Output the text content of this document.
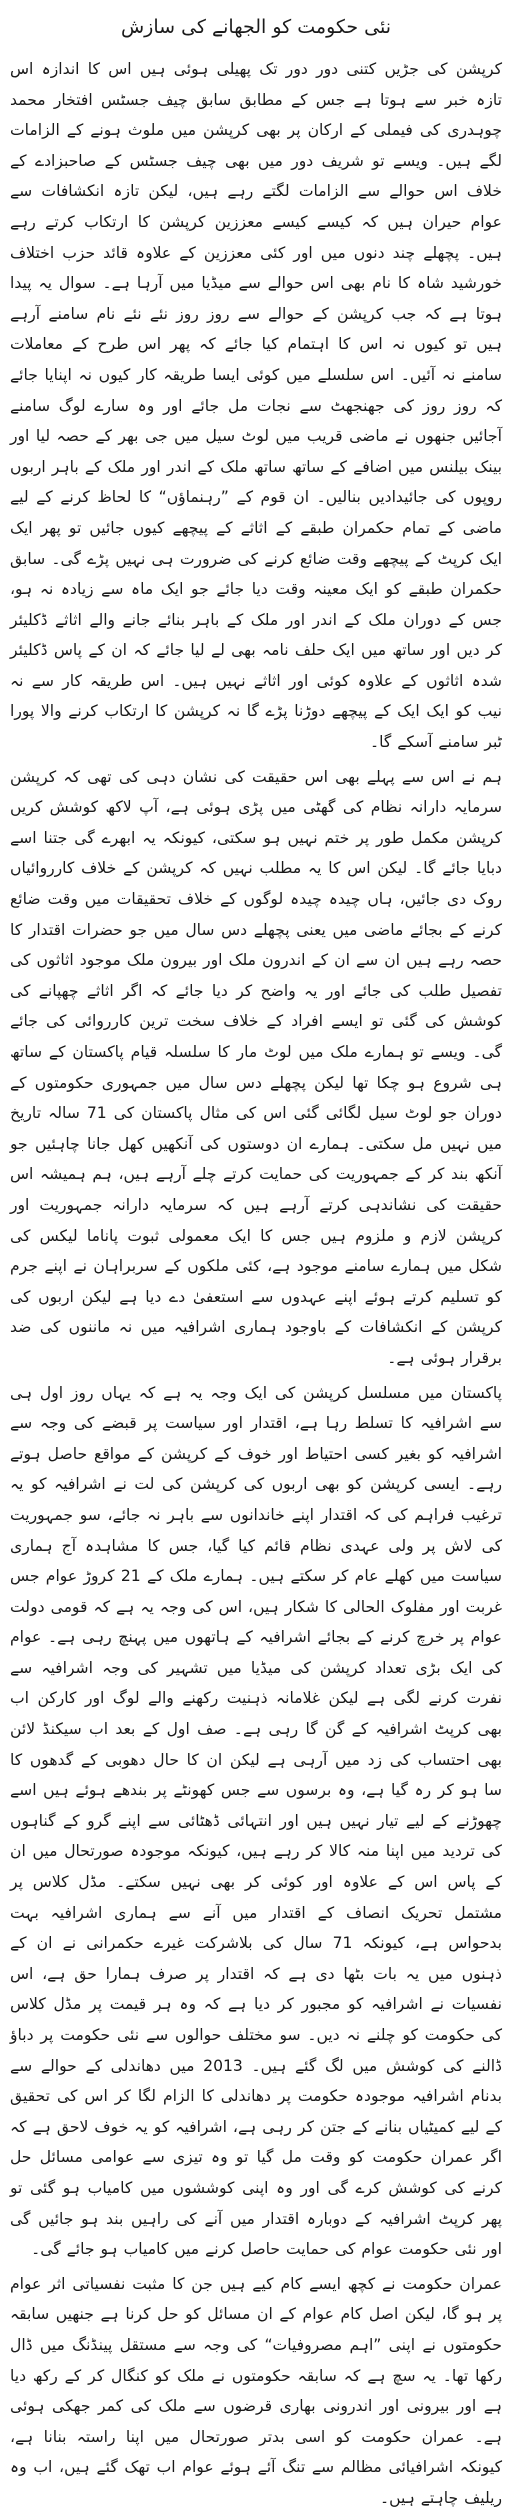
نئی حکومت کو الجھانے کی سازش

کرپشن کی جڑیں کتنی دور دور تک پھیلی ہوئی ہیں اس کا اندازہ اس تازہ خبر سے ہوتا ہے جس کے مطابق سابق چیف جسٹس افتخار محمد چوہدری کی فیملی کے ارکان پر بھی کرپشن میں ملوث ہونے کے الزامات لگے ہیں۔ ویسے تو شریف دور میں بھی چیف جسٹس کے صاحبزادے کے خلاف اس حوالے سے الزامات لگتے رہے ہیں، لیکن تازہ انکشافات سے عوام حیران ہیں کہ کیسے کیسے معززین کرپشن کا ارتکاب کرتے رہے ہیں۔ پچھلے چند دنوں میں اور کئی معززین کے علاوہ قائد حزب اختلاف خورشید شاہ کا نام بھی اس حوالے سے میڈیا میں آرہا ہے۔ سوال یہ پیدا ہوتا ہے کہ جب کرپشن کے حوالے سے روز روز نئے نئے نام سامنے آرہے ہیں تو کیوں نہ اس کا اہتمام کیا جائے کہ پھر اس طرح کے معاملات سامنے نہ آئیں۔ اس سلسلے میں کوئی ایسا طریقہ کار کیوں نہ اپنایا جائے کہ روز روز کی جھنجھٹ سے نجات مل جائے اور وہ سارے لوگ سامنے آجائیں جنھوں نے ماضی قریب میں لوٹ سیل میں جی بھر کے حصہ لیا اور بینک بیلنس میں اضافے کے ساتھ ساتھ ملک کے اندر اور ملک کے باہر اربوں روپوں کی جائیدادیں بنالیں۔ ان قوم کے ”رہنماؤں“ کا لحاظ کرنے کے لیے ماضی کے تمام حکمران طبقے کے اثاثے کے پیچھے کیوں جائیں تو پھر ایک ایک کرپٹ کے پیچھے وقت ضائع کرنے کی ضرورت ہی نہیں پڑے گی۔ سابق حکمران طبقے کو ایک معینہ وقت دیا جائے جو ایک ماہ سے زیادہ نہ ہو، جس کے دوران ملک کے اندر اور ملک کے باہر بنائے جانے والے اثاثے ڈکلیئر کر دیں اور ساتھ میں ایک حلف نامہ بھی لے لیا جائے کہ ان کے پاس ڈکلیئر شدہ اثاثوں کے علاوہ کوئی اور اثاثے نہیں ہیں۔ اس طریقہ کار سے نہ نیب کو ایک ایک کے پیچھے دوڑنا پڑے گا نہ کرپشن کا ارتکاب کرنے والا پورا ٹبر سامنے آسکے گا۔

ہم نے اس سے پہلے بھی اس حقیقت کی نشان دہی کی تھی کہ کرپشن سرمایہ دارانہ نظام کی گھٹی میں پڑی ہوئی ہے، آپ لاکھ کوشش کریں کرپشن مکمل طور پر ختم نہیں ہو سکتی، کیونکہ یہ ابھرے گی جتنا اسے دبایا جائے گا۔ لیکن اس کا یہ مطلب نہیں کہ کرپشن کے خلاف کارروائیاں روک دی جائیں، ہاں چیدہ چیدہ لوگوں کے خلاف تحقیقات میں وقت ضائع کرنے کے بجائے ماضی میں یعنی پچھلے دس سال میں جو حضرات اقتدار کا حصہ رہے ہیں ان سے ان کے اندرون ملک اور بیرون ملک موجود اثاثوں کی تفصیل طلب کی جائے اور یہ واضح کر دیا جائے کہ اگر اثاثے چھپانے کی کوشش کی گئی تو ایسے افراد کے خلاف سخت ترین کارروائی کی جائے گی۔ ویسے تو ہمارے ملک میں لوٹ مار کا سلسلہ قیام پاکستان کے ساتھ ہی شروع ہو چکا تھا لیکن پچھلے دس سال میں جمہوری حکومتوں کے دوران جو لوٹ سیل لگائی گئی اس کی مثال پاکستان کی 71 سالہ تاریخ میں نہیں مل سکتی۔ ہمارے ان دوستوں کی آنکھیں کھل جانا چاہئیں جو آنکھ بند کر کے جمہوریت کی حمایت کرتے چلے آرہے ہیں، ہم ہمیشہ اس حقیقت کی نشاندہی کرتے آرہے ہیں کہ سرمایہ دارانہ جمہوریت اور کرپشن لازم و ملزوم ہیں جس کا ایک معمولی ثبوت پاناما لیکس کی شکل میں ہمارے سامنے موجود ہے، کئی ملکوں کے سربراہان نے اپنے جرم کو تسلیم کرتے ہوئے اپنے عہدوں سے استعفیٰ دے دیا ہے لیکن اربوں کی کرپشن کے انکشافات کے باوجود ہماری اشرافیہ میں نہ ماننوں کی ضد برقرار ہوئی ہے۔

پاکستان میں مسلسل کرپشن کی ایک وجہ یہ ہے کہ یہاں روز اول ہی سے اشرافیہ کا تسلط رہا ہے، اقتدار اور سیاست پر قبضے کی وجہ سے اشرافیہ کو بغیر کسی احتیاط اور خوف کے کرپشن کے مواقع حاصل ہوتے رہے۔ ایسی کرپشن کو بھی اربوں کی کرپشن کی لت نے اشرافیہ کو یہ ترغیب فراہم کی کہ اقتدار اپنے خاندانوں سے باہر نہ جائے، سو جمہوریت کی لاش پر ولی عہدی نظام قائم کیا گیا، جس کا مشاہدہ آج ہماری سیاست میں کھلے عام کر سکتے ہیں۔ ہمارے ملک کے 21 کروڑ عوام جس غربت اور مفلوک الحالی کا شکار ہیں، اس کی وجہ یہ ہے کہ قومی دولت عوام پر خرچ کرنے کے بجائے اشرافیہ کے ہاتھوں میں پہنچ رہی ہے۔ عوام کی ایک بڑی تعداد کرپشن کی میڈیا میں تشہیر کی وجہ اشرافیہ سے نفرت کرنے لگی ہے لیکن غلامانہ ذہنیت رکھنے والے لوگ اور کارکن اب بھی کرپٹ اشرافیہ کے گن گا رہی ہے۔ صف اول کے بعد اب سیکنڈ لائن بھی احتساب کی زد میں آرہی ہے لیکن ان کا حال دھوبی کے گدھوں کا سا ہو کر رہ گیا ہے، وہ برسوں سے جس کھونٹے پر بندھے ہوئے ہیں اسے چھوڑنے کے لیے تیار نہیں ہیں اور انتہائی ڈھٹائی سے اپنے گرو کے گناہوں کی تردید میں اپنا منہ کالا کر رہے ہیں، کیونکہ موجودہ صورتحال میں ان کے پاس اس کے علاوہ اور کوئی کر بھی نہیں سکتے۔ مڈل کلاس پر مشتمل تحریک انصاف کے اقتدار میں آنے سے ہماری اشرافیہ بہت بدحواس ہے، کیونکہ 71 سال کی بلاشرکت غیرے حکمرانی نے ان کے ذہنوں میں یہ بات بٹھا دی ہے کہ اقتدار پر صرف ہمارا حق ہے، اس نفسیات نے اشرافیہ کو مجبور کر دیا ہے کہ وہ ہر قیمت پر مڈل کلاس کی حکومت کو چلنے نہ دیں۔ سو مختلف حوالوں سے نئی حکومت پر دباؤ ڈالنے کی کوشش میں لگ گئے ہیں۔ 2013 میں دھاندلی کے حوالے سے بدنام اشرافیہ موجودہ حکومت پر دھاندلی کا الزام لگا کر اس کی تحقیق کے لیے کمیٹیاں بنانے کے جتن کر رہی ہے، اشرافیہ کو یہ خوف لاحق ہے کہ اگر عمران حکومت کو وقت مل گیا تو وہ تیزی سے عوامی مسائل حل کرنے کی کوشش کرے گی اور وہ اپنی کوششوں میں کامیاب ہو گئی تو پھر کرپٹ اشرافیہ کے دوبارہ اقتدار میں آنے کی راہیں بند ہو جائیں گی اور نئی حکومت عوام کی حمایت حاصل کرنے میں کامیاب ہو جائے گی۔

عمران حکومت نے کچھ ایسے کام کیے ہیں جن کا مثبت نفسیاتی اثر عوام پر ہو گا، لیکن اصل کام عوام کے ان مسائل کو حل کرنا ہے جنھیں سابقہ حکومتوں نے اپنی ”اہم مصروفیات“ کی وجہ سے مستقل پینڈنگ میں ڈال رکھا تھا۔ یہ سچ ہے کہ سابقہ حکومتوں نے ملک کو کنگال کر کے رکھ دیا ہے اور بیرونی اور اندرونی بھاری قرضوں سے ملک کی کمر جھکی ہوئی ہے۔ عمران حکومت کو اسی بدتر صورتحال میں اپنا راستہ بنانا ہے، کیونکہ اشرافیائی مظالم سے تنگ آئے ہوئے عوام اب تھک گئے ہیں، اب وہ ریلیف چاہتے ہیں۔
